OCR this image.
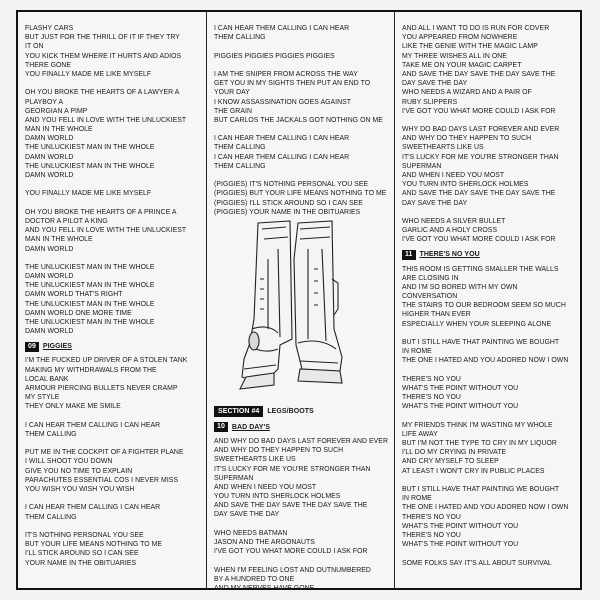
FLASHY CARS
BUT JUST FOR THE THRILL OF IT IF THEY TRY
IT ON
YOU KICK THEM WHERE IT HURTS AND ADIOS
THERE GONE
YOU FINALLY MADE ME LIKE MYSELF
OH YOU BROKE THE HEARTS OF A LAWYER A
PLAYBOY A
GEORGIAN A PIMP
AND YOU FELL IN LOVE WITH THE UNLUCKIEST
MAN IN THE WHOLE
DAMN WORLD
THE UNLUCKIEST MAN IN THE WHOLE
DAMN WORLD
THE UNLUCKIEST MAN IN THE WHOLE
DAMN WORLD
YOU FINALLY MADE ME LIKE MYSELF
OH YOU BROKE THE HEARTS OF A PRINCE A
DOCTOR A PILOT A KING
AND YOU FELL IN LOVE WITH THE UNLUCKIEST
MAN IN THE WHOLE
DAMN WORLD
THE UNLUCKIEST MAN IN THE WHOLE
DAMN WORLD
THE UNLUCKIEST MAN IN THE WHOLE
DAMN WORLD THAT'S RIGHT
THE UNLUCKIEST MAN IN THE WHOLE
DAMN WORLD ONE MORE TIME
THE UNLUCKIEST MAN IN THE WHOLE
DAMN WORLD
09	PIGGIES
I'M THE FUCKED UP DRIVER OF A STOLEN TANK
MAKING MY WITHDRAWALS FROM THE
LOCAL BANK
ARMOUR PIERCING BULLETS NEVER CRAMP
MY STYLE
THEY ONLY MAKE ME SMILE
I CAN HEAR THEM CALLING I CAN HEAR
THEM CALLING
PUT ME IN THE COCKPIT OF A FIGHTER PLANE
I WILL SHOOT YOU DOWN
GIVE YOU NO TIME TO EXPLAIN
PARACHUTES ESSENTIAL COS I NEVER MISS
YOU WISH YOU WISH YOU WISH
I CAN HEAR THEM CALLING I CAN HEAR
THEM CALLING
IT'S NOTHING PERSONAL YOU SEE
BUT YOUR LIFE MEANS NOTHING TO ME
I'LL STICK AROUND SO I CAN SEE
YOUR NAME IN THE OBITUARIES
I CAN HEAR THEM CALLING I CAN HEAR
THEM CALLING
PIGGIES PIGGIES PIGGIES PIGGIES
I AM THE SNIPER FROM ACROSS THE WAY
GET YOU IN MY SIGHTS THEN PUT AN END TO
YOUR DAY
I KNOW ASSASSINATION GOES AGAINST
THE GRAIN
BUT CARLOS THE JACKALS GOT NOTHING ON ME
I CAN HEAR THEM CALLING I CAN HEAR
THEM CALLING
I CAN HEAR THEM CALLING I CAN HEAR
THEM CALLING
(PIGGIES) IT'S NOTHING PERSONAL YOU SEE
(PIGGIES) BUT YOUR LIFE MEANS NOTHING TO ME
(PIGGIES) I'LL STICK AROUND SO I CAN SEE
(PIGGIES) YOUR NAME IN THE OBITUARIES
SECTION #4	LEGS/BOOTS
10	BAD DAY'S
AND WHY DO BAD DAYS LAST FOREVER AND EVER
AND WHY DO THEY HAPPEN TO SUCH
SWEETHEARTS LIKE US
IT'S LUCKY FOR ME YOU'RE STRONGER THAN
SUPERMAN
AND WHEN I NEED YOU MOST
YOU TURN INTO SHERLOCK HOLMES
AND SAVE THE DAY SAVE THE DAY SAVE THE
DAY SAVE THE DAY
WHO NEEDS BATMAN
JASON AND THE ARGONAUTS
I'VE GOT YOU WHAT MORE COULD I ASK FOR
WHEN I'M FEELING LOST AND OUTNUMBERED
BY A HUNDRED TO ONE
AND MY NERVES HAVE GONE
AND ALL I WANT TO DO IS RUN FOR COVER
YOU APPEARED FROM NOWHERE
LIKE THE GENIE WITH THE MAGIC LAMP
MY THREE WISHES ALL IN ONE
TAKE ME ON YOUR MAGIC CARPET
AND SAVE THE DAY SAVE THE DAY SAVE THE
DAY SAVE THE DAY
WHO NEEDS A WIZARD AND A PAIR OF
RUBY SLIPPERS
I'VE GOT YOU WHAT MORE COULD I ASK FOR
WHY DO BAD DAYS LAST FOREVER AND EVER
AND WHY DO THEY HAPPEN TO SUCH
SWEETHEARTS LIKE US
IT'S LUCKY FOR ME YOU'RE STRONGER THAN
SUPERMAN
AND WHEN I NEED YOU MOST
YOU TURN INTO SHERLOCK HOLMES
AND SAVE THE DAY SAVE THE DAY SAVE THE
DAY SAVE THE DAY
WHO NEEDS A SILVER BULLET
GARLIC AND A HOLY CROSS
I'VE GOT YOU WHAT MORE COULD I ASK FOR
11	THERE'S NO YOU
THIS ROOM IS GETTING SMALLER THE WALLS
ARE CLOSING IN
AND I'M SO BORED WITH MY OWN
CONVERSATION
THE STAIRS TO OUR BEDROOM SEEM SO MUCH
HIGHER THAN EVER
ESPECIALLY WHEN YOUR SLEEPING ALONE
BUT I STILL HAVE THAT PAINTING WE BOUGHT
IN ROME
THE ONE I HATED AND YOU ADORED NOW I OWN
THERE'S NO YOU
WHAT'S THE POINT WITHOUT YOU
THERE'S NO YOU
WHAT'S THE POINT WITHOUT YOU
MY FRIENDS THINK I'M WASTING MY WHOLE
LIFE AWAY
BUT I'M NOT THE TYPE TO CRY IN MY LIQUOR
I'LL DO MY CRYING IN PRIVATE
AND CRY MYSELF TO SLEEP
AT LEAST I WON'T CRY IN PUBLIC PLACES
BUT I STILL HAVE THAT PAINTING WE BOUGHT
IN ROME
THE ONE I HATED AND YOU ADORED NOW I OWN
THERE'S NO YOU
WHAT'S THE POINT WITHOUT YOU
THERE'S NO YOU
WHAT'S THE POINT WITHOUT YOU
SOME FOLKS SAY IT'S ALL ABOUT SURVIVAL
